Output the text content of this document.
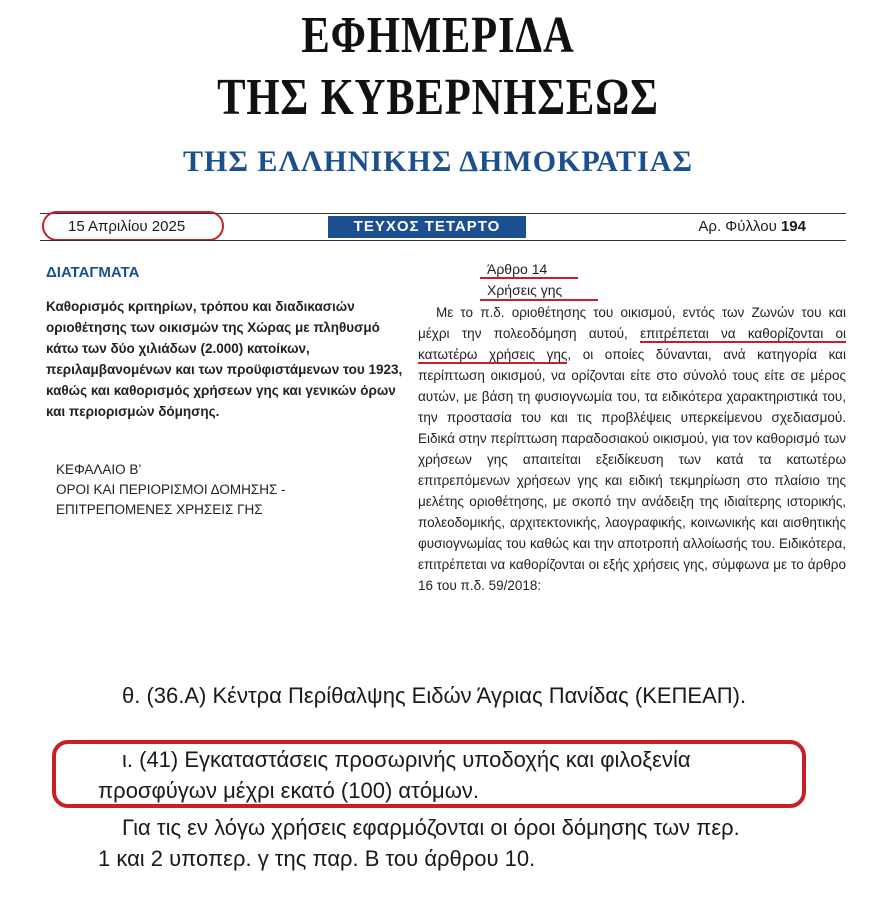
ΕΦΗΜΕΡΙΔΑ
ΤΗΣ ΚΥΒΕΡΝΗΣΕΩΣ
ΤΗΣ ΕΛΛΗΝΙΚΗΣ ΔΗΜΟΚΡΑΤΙΑΣ
15 Απριλίου 2025	ΤΕΥΧΟΣ ΤΕΤΑΡΤΟ	Αρ. Φύλλου 194
ΔΙΑΤΑΓΜΑΤΑ
Καθορισμός κριτηρίων, τρόπου και διαδικασιών οριοθέτησης των οικισμών της Χώρας με πληθυσμό κάτω των δύο χιλιάδων (2.000) κατοίκων, περιλαμβανομένων και των προϋφιστάμενων του 1923, καθώς και καθορισμός χρήσεων γης και γενικών όρων και περιορισμών δόμησης.
ΚΕΦΑΛΑΙΟ Β’
ΟΡΟΙ ΚΑΙ ΠΕΡΙΟΡΙΣΜΟΙ ΔΟΜΗΣΗΣ -
ΕΠΙΤΡΕΠΟΜΕΝΕΣ ΧΡΗΣΕΙΣ ΓΗΣ
Άρθρο 14
Χρήσεις γης
Με το π.δ. οριοθέτησης του οικισμού, εντός των Ζωνών του και μέχρι την πολεοδόμηση αυτού, επιτρέπεται να καθορίζονται οι κατωτέρω χρήσεις γης, οι οποίες δύνανται, ανά κατηγορία και περίπτωση οικισμού, να ορίζονται είτε στο σύνολό τους είτε σε μέρος αυτών, με βάση τη φυσιογνωμία του, τα ειδικότερα χαρακτηριστικά του, την προστασία του και τις προβλέψεις υπερκείμενου σχεδιασμού. Ειδικά στην περίπτωση παραδοσιακού οικισμού, για τον καθορισμό των χρήσεων γης απαιτείται εξειδίκευση των κατά τα κατωτέρω επιτρεπόμενων χρήσεων γης και ειδική τεκμηρίωση στο πλαίσιο της μελέτης οριοθέτησης, με σκοπό την ανάδειξη της ιδιαίτερης ιστορικής, πολεοδομικής, αρχιτεκτονικής, λαογραφικής, κοινωνικής και αισθητικής φυσιογνωμίας του καθώς και την αποτροπή αλλοίωσής του. Ειδικότερα, επιτρέπεται να καθορίζονται οι εξής χρήσεις γης, σύμφωνα με το άρθρο 16 του π.δ. 59/2018:
θ. (36.Α) Κέντρα Περίθαλψης Ειδών Άγριας Πανίδας (ΚΕΠΕΑΠ).
ι. (41) Εγκαταστάσεις προσωρινής υποδοχής και φιλοξενία προσφύγων μέχρι εκατό (100) ατόμων.
Για τις εν λόγω χρήσεις εφαρμόζονται οι όροι δόμησης των περ. 1 και 2 υποπερ. γ της παρ. Β του άρθρου 10.
